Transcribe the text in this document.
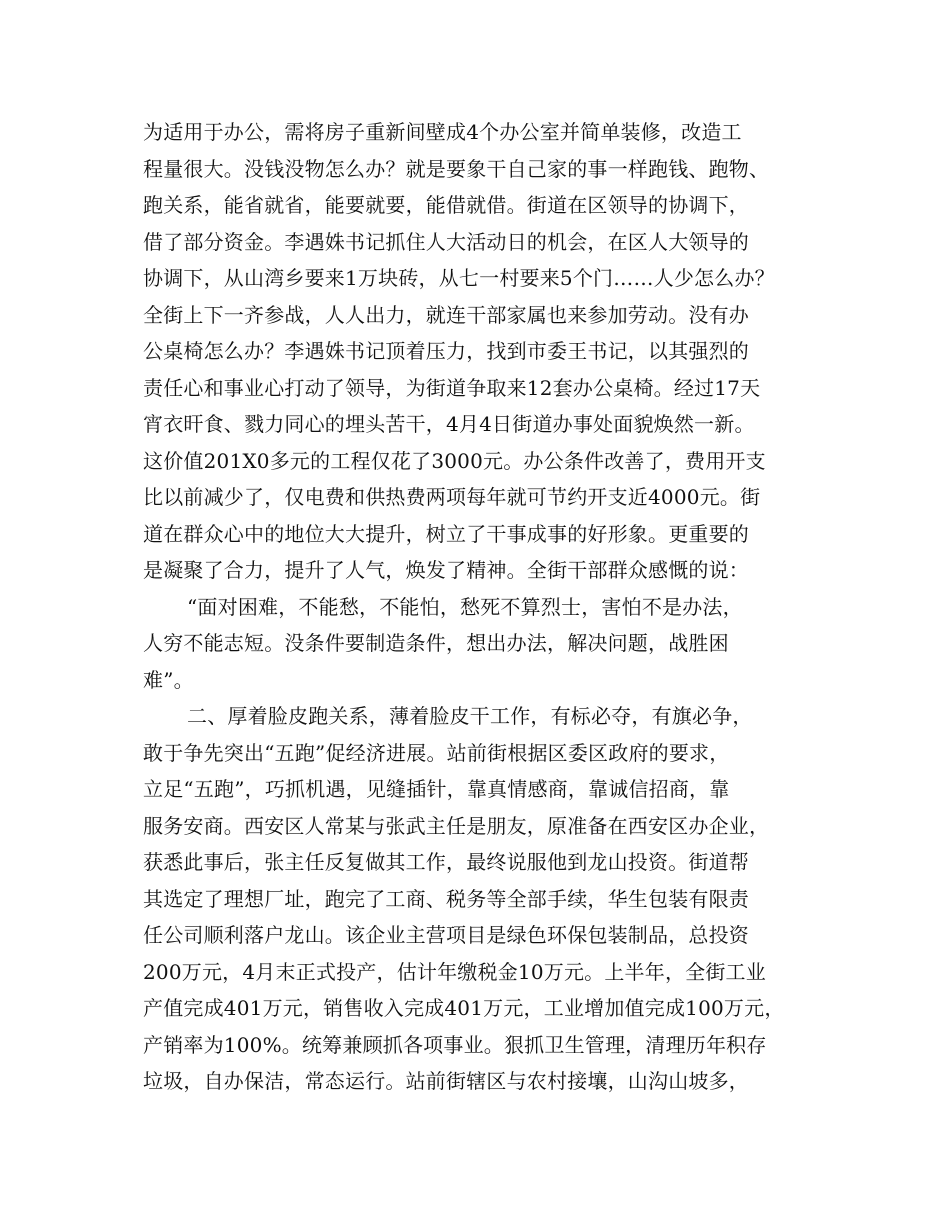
为适用于办公，需将房子重新间壁成4个办公室并简单装修，改造工
程量很大。没钱没物怎么办？就是要象干自己家的事一样跑钱、跑物、
跑关系，能省就省，能要就要，能借就借。街道在区领导的协调下，
借了部分资金。李遇姝书记抓住人大活动日的机会，在区人大领导的
协调下，从山湾乡要来1万块砖，从七一村要来5个门……人少怎么办？
全街上下一齐参战，人人出力，就连干部家属也来参加劳动。没有办
公桌椅怎么办？李遇姝书记顶着压力，找到市委王书记，以其强烈的
责任心和事业心打动了领导，为街道争取来12套办公桌椅。经过17天
宵衣旰食、戮力同心的埋头苦干，4月4日街道办事处面貌焕然一新。
这价值201X0多元的工程仅花了3000元。办公条件改善了，费用开支
比以前减少了，仅电费和供热费两项每年就可节约开支近4000元。街
道在群众心中的地位大大提升，树立了干事成事的好形象。更重要的
是凝聚了合力，提升了人气，焕发了精神。全街干部群众感慨的说：
“面对困难，不能愁，不能怕，愁死不算烈士，害怕不是办法，
人穷不能志短。没条件要制造条件，想出办法，解决问题，战胜困
难”。
二、厚着脸皮跑关系，薄着脸皮干工作，有标必夺，有旗必争，
敢于争先突出“五跑”促经济进展。站前街根据区委区政府的要求，
立足“五跑”，巧抓机遇，见缝插针，靠真情感商，靠诚信招商，靠
服务安商。西安区人常某与张武主任是朋友，原准备在西安区办企业，
获悉此事后，张主任反复做其工作，最终说服他到龙山投资。街道帮
其选定了理想厂址，跑完了工商、税务等全部手续，华生包装有限责
任公司顺利落户龙山。该企业主营项目是绿色环保包装制品，总投资
200万元，4月末正式投产，估计年缴税金10万元。上半年，全街工业
产值完成401万元，销售收入完成401万元，工业增加值完成100万元，
产销率为100%。统筹兼顾抓各项事业。狠抓卫生管理，清理历年积存
垃圾，自办保洁，常态运行。站前街辖区与农村接壤，山沟山坡多，
